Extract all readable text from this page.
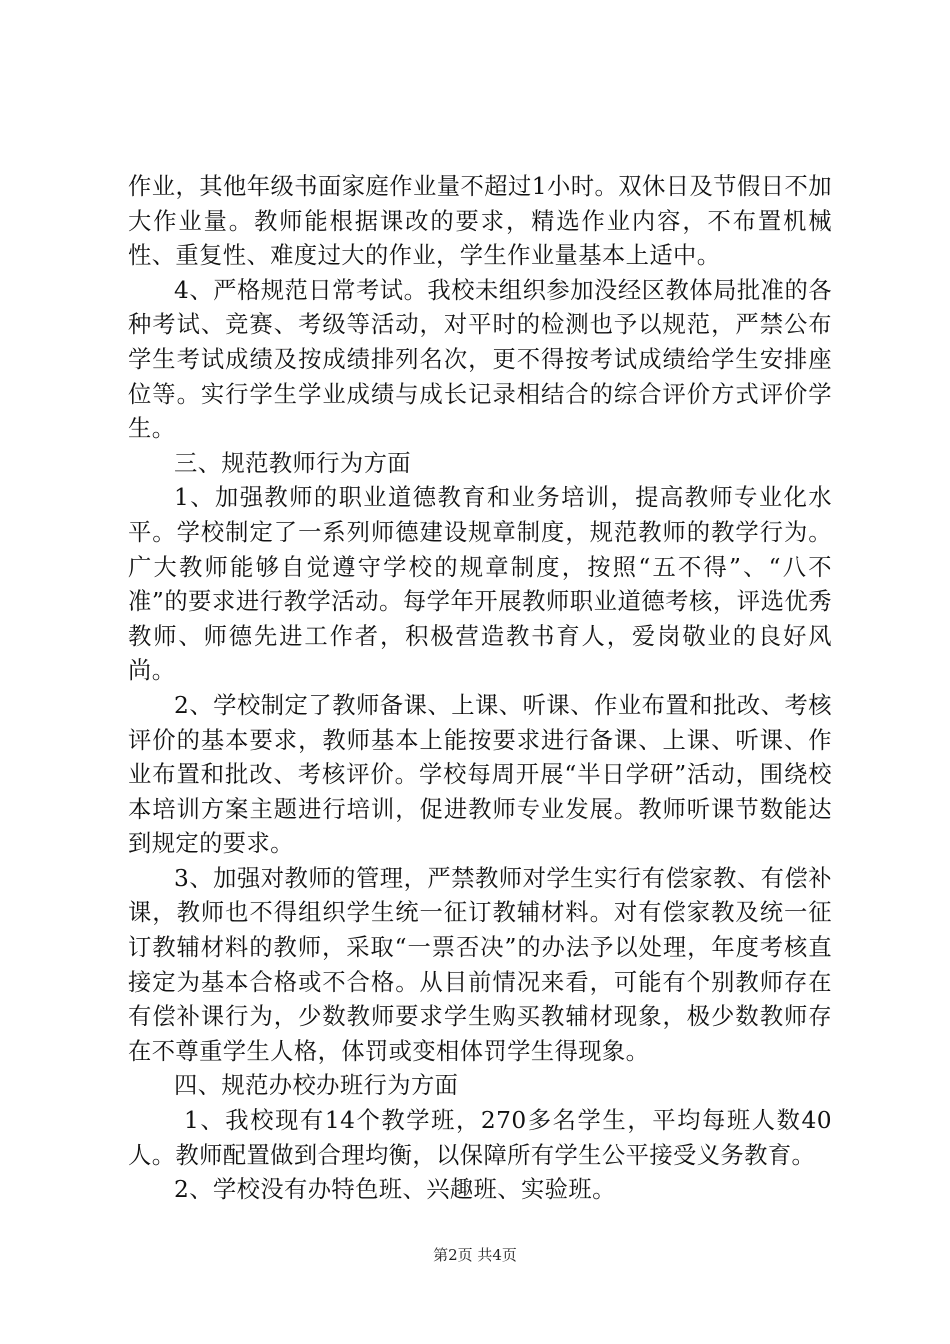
作业，其他年级书面家庭作业量不超过1小时。双休日及节假日不加大作业量。教师能根据课改的要求，精选作业内容，不布置机械性、重复性、难度过大的作业，学生作业量基本上适中。

4、严格规范日常考试。我校未组织参加没经区教体局批准的各种考试、竞赛、考级等活动，对平时的检测也予以规范，严禁公布学生考试成绩及按成绩排列名次，更不得按考试成绩给学生安排座位等。实行学生学业成绩与成长记录相结合的综合评价方式评价学生。

三、规范教师行为方面

1、加强教师的职业道德教育和业务培训，提高教师专业化水平。学校制定了一系列师德建设规章制度，规范教师的教学行为。广大教师能够自觉遵守学校的规章制度，按照“五不得”、“八不准”的要求进行教学活动。每学年开展教师职业道德考核，评选优秀教师、师德先进工作者，积极营造教书育人，爱岗敬业的良好风尚。

2、学校制定了教师备课、上课、听课、作业布置和批改、考核评价的基本要求，教师基本上能按要求进行备课、上课、听课、作业布置和批改、考核评价。学校每周开展“半日学研”活动，围绕校本培训方案主题进行培训，促进教师专业发展。教师听课节数能达到规定的要求。

3、加强对教师的管理，严禁教师对学生实行有偿家教、有偿补课，教师也不得组织学生统一征订教辅材料。对有偿家教及统一征订教辅材料的教师，采取“一票否决”的办法予以处理，年度考核直接定为基本合格或不合格。从目前情况来看，可能有个别教师存在有偿补课行为，少数教师要求学生购买教辅材现象，极少数教师存在不尊重学生人格，体罚或变相体罚学生得现象。

四、规范办校办班行为方面

1、我校现有14个教学班，270多名学生，平均每班人数40人。教师配置做到合理均衡，以保障所有学生公平接受义务教育。

2、学校没有办特色班、兴趣班、实验班。

第2页 共4页
